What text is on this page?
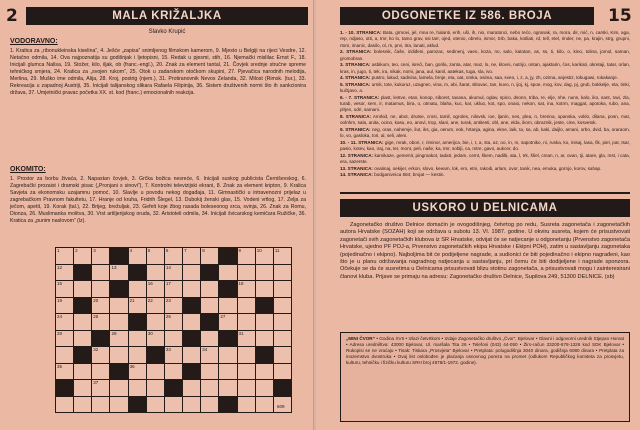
2	MALA KRIŽALJKA
Slavko Krupić
VODORAVNO:
1. Kratica za „ribonukleinska kiselina”, 4. Ješće „zapisa” snimljenog filmskom kamerom, 9. Mjesto u Belgiji na rijeci Vesdre, 12. Netačno odmila, 14. Ova najpoznatija su godišnjak i ljetopisni, 15. Redak u pjesmi, stih, 16. Njemački mislilac Ernst F., 18. Inicijali glumca Nalisa, 19. Stožer, kilo, iljak, ob (franc.-engl.), 20. Znak za element tantal, 21. Čovjek srednje stručne spreme tehničkog smjera, 24. Kratica za „svojen rukom”, 25. Otok u zadarskom otočkom skupini, 27. Pjevačica narodnih melodija, Merlina, 29. Muško ime odmila, Alija, 28. Kroj, postrig (njem.), 31. Protiranovnik Nevos Zelanda, 32. Milost (Rimsk. (tur.), 33. Rekreacija u zapadnoj Austriji, 35. Inicijali talijanskog slikara Rafaela Filipinija, 36. Sistem društvenih normi što ih sankcionira država, 37. Umjetnički pravac početka XX. st. kod (franc.) emocionalnih reakcija.
OKOMITO:
1. Prostor za borbu živaća, 2. Napastan čovjek, 3. Grčka božica nesreće, 6. Inicijali suskog publicista Černiševskog, 6. Zagrebački prozaist i dramski pisac („Pronjani s sinovi”), 7. Kontrolni televizijski ekrani, 8. Znak za element kripton, 9. Kralica Savjeta za ekonomsku uzajamnu pomoć, 10. Slavlje u povodu nekog događaja, 11. Gimnastički u intravenozni prijelaz u zagrebačkom Pravnom fakultetu, 17. Hranje od kruha, Fridrih Šlegel, 13. Dubokij ženski glas, 15. Vodeni vrtlog, 17. Zelja za ječom, apetit, 19. Korak (tal.), 22. Brijeg, brežuljak, 23. Gefelt koje žbog rasada boleseonog srca, svinja, 26. Znak za Romu, Dionza, 26. Muslimanka molitva, 30. Vrst artiljerijskog oruda, 32. Aristoteli odmila, 34. Inicijali švicarskog kemičara Ružičke, 36. Kratica za „punim naslovom” (lz).
1	2	3	4	5	6	7	8	9	10	11
12	13	14
15	16	17	18
19	20	21	22	23
24	25	26	27
28	29	30	31
32	33	34
35	36
37
609
ODGONETKE IZ 586. BROJA	15
1. - 10. STRANICA: Bata, grmovi, jel, mna re, halanti, erih, uši, ih, nio, maratonci, nebo rećo, ogranak, ra, mora, dir, rvić, n, carski, Kim, aga, rep, ndjaso, otti, a, tmr, ko lo, tamo grav, ssi tarr, ojed, otenio, obrelo, ismor, Srb, baka, kotliati, rd, tell, etel, rinder, ne, pa, krajin, strg, grupni, rtom, imanic, dasilo, ol, rs, prvi, itra, lanati, aklud.
2. STRANICA: bolesnik, čaše, izdiđeni, pamzac, sedinenj, vaeo, koza, no, salo, katotan, as, ss, ti, kilo, o, kino, tolina, jomol, saman, gromobran.
3. STRANICA: asbikum, teo, ceni, isreći, ban, gorila, zanta, atar, maz, lo, ne, klovni, nutrijo, ontan, ajaktarin, ćos, karikati, okretaji, tatar, orlan, kras, in, jugo, ti, tek, ira, nikak, nomi, jana, aul, kanil, aatekas, tuga, sla, ivo.
4. STRANICA: pustro, lakud, sadnina, lamela, brnje, eta, oat, omka, osima, saa, sveo, i, z, a, jy, zh, ozima, anjestiz, tokugawi, rokakanje.
5. STRANICA: urnik, tote, kukuruz, uzagnec, vina, m, abi, šarat, slitovac, tan, kuvo, n, ijoj, kj, spoe, mog, kov, dag, pj, grub, bokkelje, eta, tinki, kučtjavo, a.
6. - 7. STRANICA: plast, lestve, etan, konop, siboret, tavana, akumul, oglav, spico, dsonn, triba, re, elje, nhe, nuns, kalo, iko, sant, ravi, zla, turab, vesor, sem, ir, matamus, bira, o, otmatu, blaha, kuc, kar, ukluo, kot, spo, onaio, nekon, sat, ina, kotrm, maggat, apotoka, rubo, ana, plrjen, odri, samani.
8. STRANICA: Amrkid, ne, abot, drutse, crosi, tamil, ogroles, nilovsk, ioe, ljanin, nes, plea, n, brerina, opanska, voklo, dilana, posn, mat, oolnhm, sala, anita, ocino, kasu, eo, anovi, trop, slani, ane, turak, antitesti, obl, ane, elda, ikom, obraznik, jeste, cine, kosvetok.
9. STRANICA: neg, oras, nahemje, ilut, iks, gia, oerum, eok, hrtanja, agina, ekne, laik, ta, sa, ab, kaki, daijlo, amani, orbo, dvid, ba, oraraom, lo, vo, gasloka, tori, al, seli, aleni.
10. - 11. STRANICA: gige, mrak, obori, r, riminor, amerijca, bie, i, t, a, sta, az, oo, in, m, sapotniko, ni, ruska, ko, inisaj, lasa, fik, piel, pat, tsar, pasio, kotev, kao, iraj, na, ter, mont, peli, naše, ka, tmr, soblji, ca, mtre, gavo, aukcer, do.
12. STRANICA: kamikaze, gemenit, pingroakot, tadatr, jedam, cemt, škem, nadilti, ata, l, trk, ššel, cman, n, ar, ovan, tji, atare, gla, mst, i cata, era, sazerste.
13. STRANICA: ovatinaj, oekijer, erkon, slovo, keeam, lok, ero, etni, rakodi, arlam, ovor, tanik, nea, emuka, gornjo, korov, sahap.
14. STRANICA: bodganivnica 584; brojat — kestin.
USKORO U DELNICAMA
Zagonetačko društvo Delnice domaćin je ovogodišnjeg, četvrtog po redu, Susreta zagonetača i zagonetačkih autora Hrvatske (SOZAH) koji se održava u subotu 13. VI. 1987. godine. U okviru susreta, kojem će prisustvovati zagonetači svih zagonetačkih klubova iz SR Hrvatske, odvijat će se natjecanje u odgonetanju (Prvenstvo zagonetača Hrvatske, ujedno PF POJ-a, Prvenstvo zagonetačkih ekipa Hrvatske i Ekipni POH), zatim u sastavljanju zagonetaka (pojedinačno i ekipno). Najboljima bit će podijeljene nagrade, a sudionici će biti pojedinačno i ekipno nagrađeni, kao što je u planu održavanja nagradnog natjecanja u sastavljanju, pri čemu će biti dodijeljene i nagrade sponzora. Očekuje se da će susretima u Delnicama prisustvovati blizu stotinu zagonetača, a prisustvovati mogu i zainteresirani članovi kluba. Prijave se primaju na adresu: Zagonetačko društvo Delnice, Supilova 249, 51300 DELNICE. (sb)
„MINI ČVOR” • Godina XVII • Izlazi četvrtkom • Izdaje Zagonetačko društvo „Čvor”, Bjelovar • Glavni i odgovorni urednik Stjepan Horvat • Adresa uredništva: 43000 Bjelovar, Ul. maršala Tita 26 • Telefoni (043) 44-050 • Žiro-račun 33200-678-1326 kod SDK Bjelovar • Rukopisi se ne vraćaju • Tisak: Tiskara „Prosvjeta” Bjelovar • Pretplata: polugodišnja 3040 dinara, godišnja 6080 dinara • Pretplata za inozemstvo dvostruka • Ovaj list oslobođen je plaćanja osnovnog poreza na promet (odlukom Republičkog komiteta za prosvjetu, kulturu, tehničku i fizičku kulturu SRH broj 4878/1-1972. godine).
